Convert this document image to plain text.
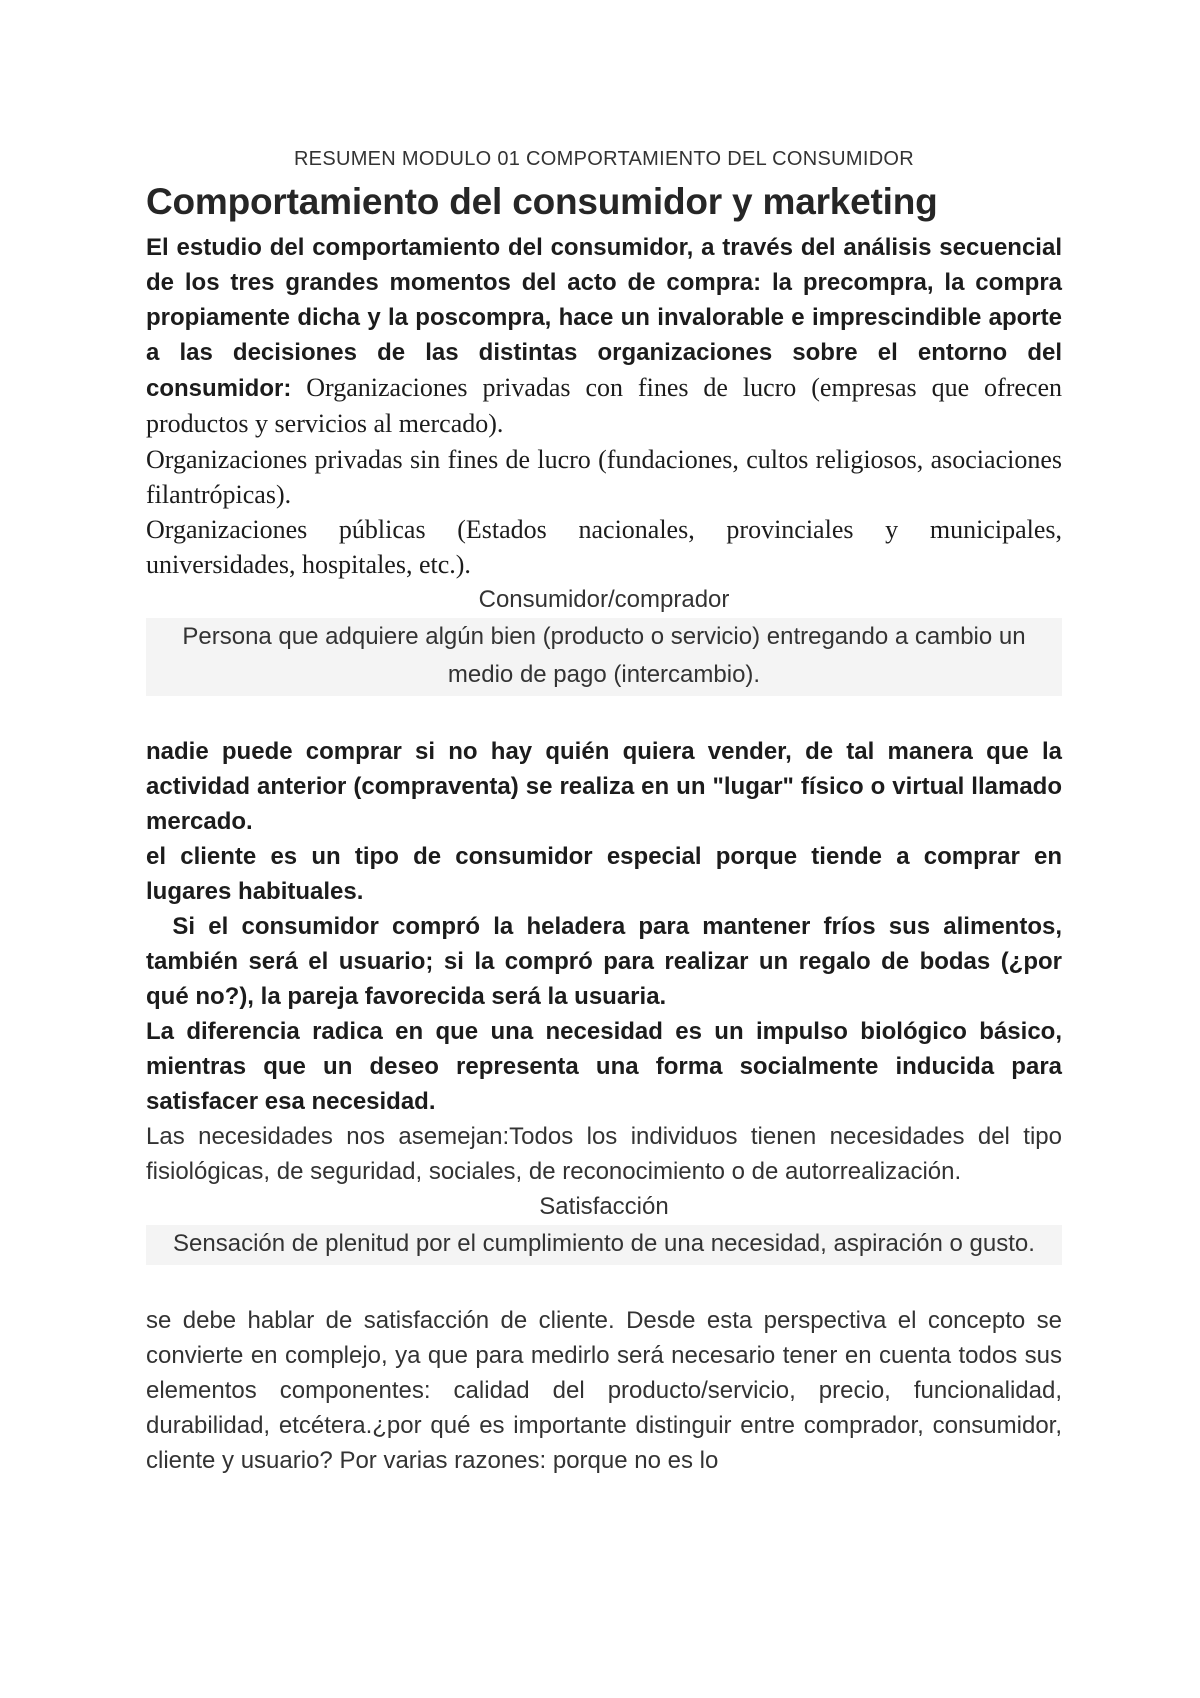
RESUMEN MODULO 01 COMPORTAMIENTO DEL CONSUMIDOR

Comportamiento del consumidor y marketing

El estudio del comportamiento del consumidor, a través del análisis secuencial de los tres grandes momentos del acto de compra: la precompra, la compra propiamente dicha y la poscompra, hace un invalorable e imprescindible aporte a las decisiones de las distintas organizaciones sobre el entorno del consumidor: Organizaciones privadas con fines de lucro (empresas que ofrecen productos y servicios al mercado).

Organizaciones privadas sin fines de lucro (fundaciones, cultos religiosos, asociaciones filantrópicas).

Organizaciones públicas (Estados nacionales, provinciales y municipales, universidades, hospitales, etc.).

Consumidor/comprador

Persona que adquiere algún bien (producto o servicio) entregando a cambio un medio de pago (intercambio).

nadie puede comprar si no hay quién quiera vender, de tal manera que la actividad anterior (compraventa) se realiza en un "lugar" físico o virtual llamado mercado.

el cliente es un tipo de consumidor especial porque tiende a comprar en lugares habituales.

Si el consumidor compró la heladera para mantener fríos sus alimentos, también será el usuario; si la compró para realizar un regalo de bodas (¿por qué no?), la pareja favorecida será la usuaria.

La diferencia radica en que una necesidad es un impulso biológico básico, mientras que un deseo representa una forma socialmente inducida para satisfacer esa necesidad.

Las necesidades nos asemejan:Todos los individuos tienen necesidades del tipo fisiológicas, de seguridad, sociales, de reconocimiento o de autorrealización.

Satisfacción

Sensación de plenitud por el cumplimiento de una necesidad, aspiración o gusto.

se debe hablar de satisfacción de cliente. Desde esta perspectiva el concepto se convierte en complejo, ya que para medirlo será necesario tener en cuenta todos sus elementos componentes: calidad del producto/servicio, precio, funcionalidad, durabilidad, etcétera.¿por qué es importante distinguir entre comprador, consumidor, cliente y usuario? Por varias razones: porque no es lo
